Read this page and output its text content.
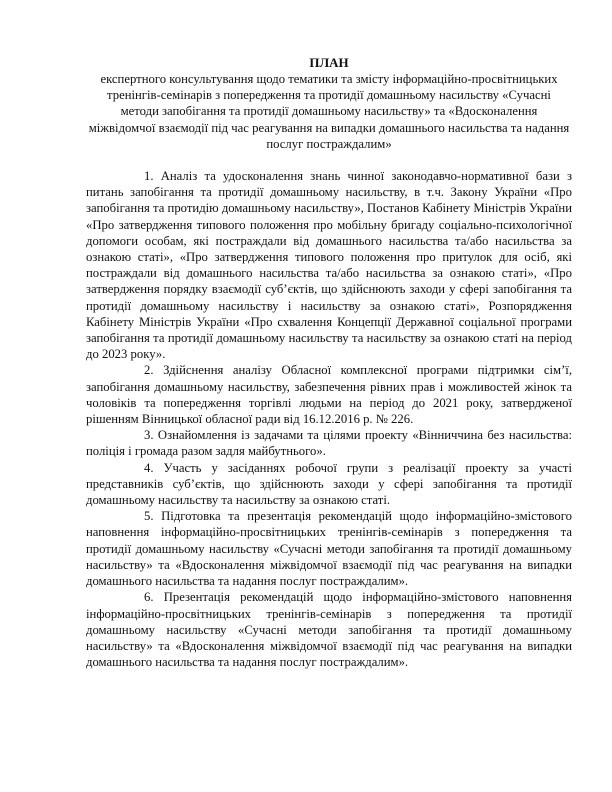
ПЛАН

експертного консультування щодо тематики та змісту інформаційно-просвітницьких тренінгів-семінарів з попередження та протидії домашньому насильству «Сучасні методи запобігання та протидії домашньому насильству» та «Вдосконалення міжвідомчої взаємодії під час реагування на випадки домашнього насильства та надання послуг постраждалим»

1. Аналіз та удосконалення знань чинної законодавчо-нормативної бази з питань запобігання та протидії домашньому насильству, в т.ч. Закону України «Про запобігання та протидію домашньому насильству», Постанов Кабінету Міністрів України «Про затвердження типового положення про мобільну бригаду соціально-психологічної допомоги особам, які постраждали від домашнього насильства та/або насильства за ознакою статі», «Про затвердження типового положення про притулок для осіб, які постраждали від домашнього насильства та/або насильства за ознакою статі», «Про затвердження порядку взаємодії суб’єктів, що здійснюють заходи у сфері запобігання та протидії домашньому насильству і насильству за ознакою статі», Розпорядження Кабінету Міністрів України «Про схвалення Концепції Державної соціальної програми запобігання та протидії домашньому насильству та насильству за ознакою статі на період до 2023 року».

2. Здійснення аналізу Обласної комплексної програми підтримки сім’ї, запобігання домашньому насильству, забезпечення рівних прав і можливостей жінок та чоловіків та попередження торгівлі людьми на період до 2021 року, затвердженої рішенням Вінницької обласної ради від 16.12.2016 р. № 226.

3. Ознайомлення із задачами та цілями проекту «Вінниччина без насильства: поліція і громада разом задля майбутнього».

4. Участь у засіданнях робочої групи з реалізації проекту за участі представників суб’єктів, що здійснюють заходи у сфері запобігання та протидії домашньому насильству та насильству за ознакою статі.

5. Підготовка та презентація рекомендацій щодо інформаційно-змістового наповнення інформаційно-просвітницьких тренінгів-семінарів з попередження та протидії домашньому насильству «Сучасні методи запобігання та протидії домашньому насильству» та «Вдосконалення міжвідомчої взаємодії під час реагування на випадки домашнього насильства та надання послуг постраждалим».

6. Презентація рекомендацій щодо інформаційно-змістового наповнення інформаційно-просвітницьких тренінгів-семінарів з попередження та протидії домашньому насильству «Сучасні методи запобігання та протидії домашньому насильству» та «Вдосконалення міжвідомчої взаємодії під час реагування на випадки домашнього насильства та надання послуг постраждалим».
